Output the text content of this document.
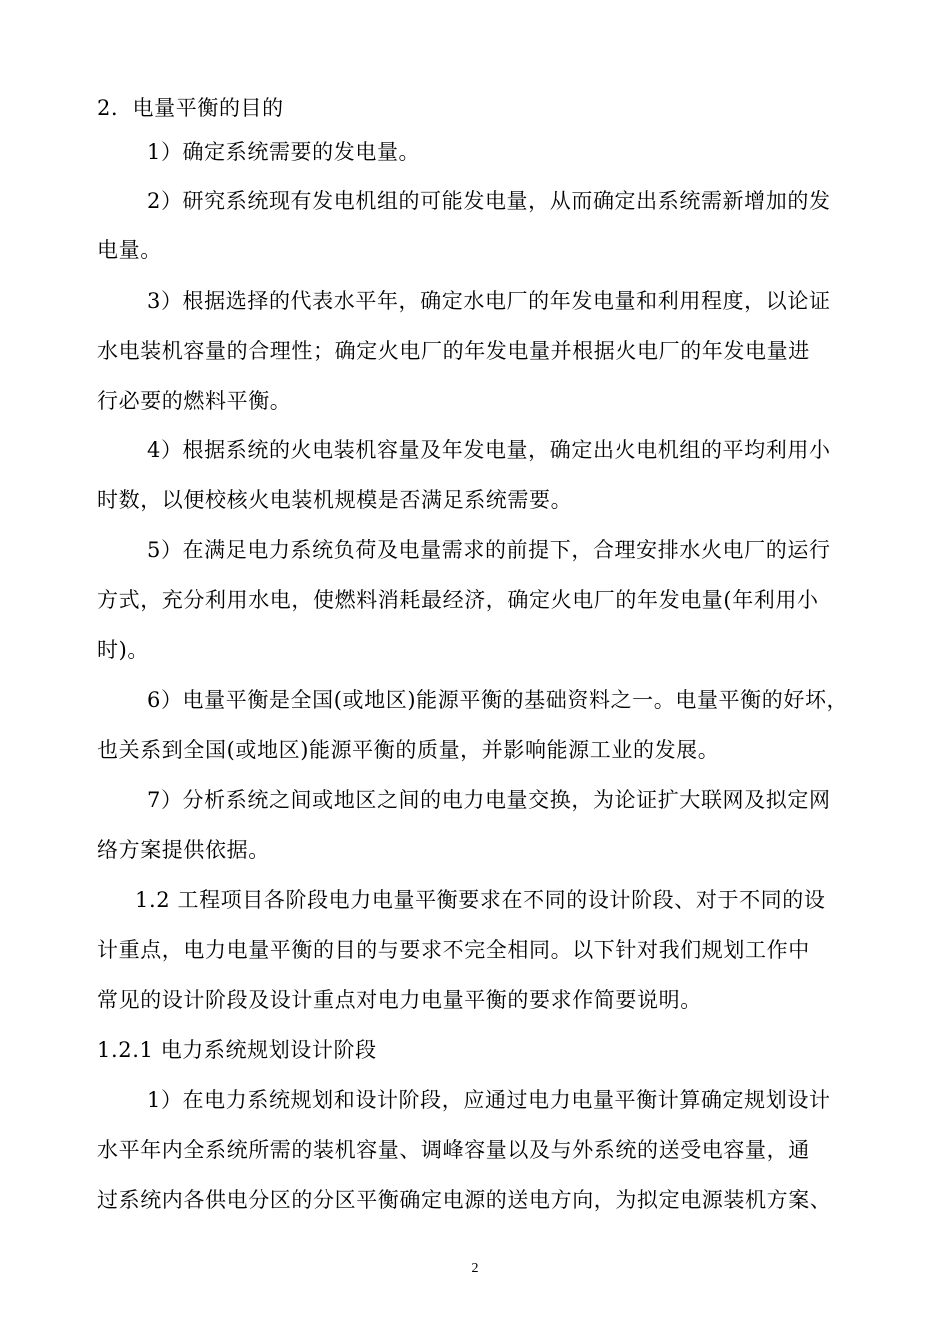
2．电量平衡的目的
1）确定系统需要的发电量。
2）研究系统现有发电机组的可能发电量，从而确定出系统需新增加的发
电量。
3）根据选择的代表水平年，确定水电厂的年发电量和利用程度，以论证
水电装机容量的合理性；确定火电厂的年发电量并根据火电厂的年发电量进
行必要的燃料平衡。
4）根据系统的火电装机容量及年发电量，确定出火电机组的平均利用小
时数，以便校核火电装机规模是否满足系统需要。
5）在满足电力系统负荷及电量需求的前提下，合理安排水火电厂的运行
方式，充分利用水电，使燃料消耗最经济，确定火电厂的年发电量(年利用小
时)。
6）电量平衡是全国(或地区)能源平衡的基础资料之一。电量平衡的好坏，
也关系到全国(或地区)能源平衡的质量，并影响能源工业的发展。
7）分析系统之间或地区之间的电力电量交换，为论证扩大联网及拟定网
络方案提供依据。
1.2 工程项目各阶段电力电量平衡要求在不同的设计阶段、对于不同的设
计重点，电力电量平衡的目的与要求不完全相同。以下针对我们规划工作中
常见的设计阶段及设计重点对电力电量平衡的要求作简要说明。
1.2.1 电力系统规划设计阶段
1）在电力系统规划和设计阶段，应通过电力电量平衡计算确定规划设计
水平年内全系统所需的装机容量、调峰容量以及与外系统的送受电容量，通
过系统内各供电分区的分区平衡确定电源的送电方向，为拟定电源装机方案、
2
